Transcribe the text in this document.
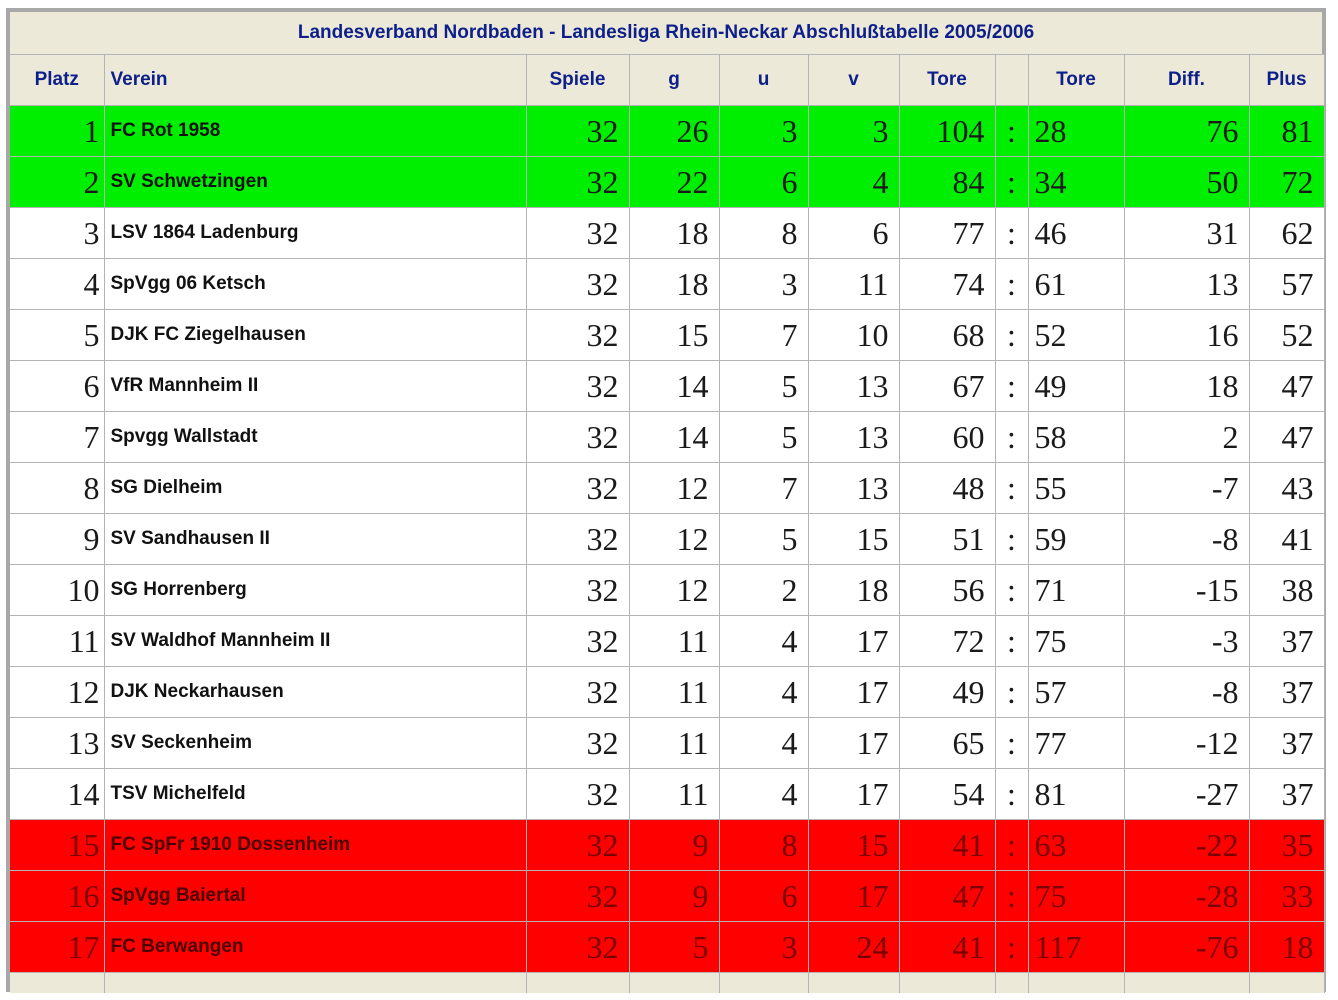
Landesverband Nordbaden - Landesliga Rhein-Neckar Abschlußtabelle 2005/2006
Platz	Verein	Spiele	g	u	v	Tore		Tore	Diff.	Plus
1	FC Rot 1958	32	26	3	3	104	:	28	76	81
2	SV Schwetzingen	32	22	6	4	84	:	34	50	72
3	LSV 1864 Ladenburg	32	18	8	6	77	:	46	31	62
4	SpVgg 06 Ketsch	32	18	3	11	74	:	61	13	57
5	DJK FC Ziegelhausen	32	15	7	10	68	:	52	16	52
6	VfR Mannheim II	32	14	5	13	67	:	49	18	47
7	Spvgg Wallstadt	32	14	5	13	60	:	58	2	47
8	SG Dielheim	32	12	7	13	48	:	55	-7	43
9	SV Sandhausen II	32	12	5	15	51	:	59	-8	41
10	SG Horrenberg	32	12	2	18	56	:	71	-15	38
11	SV Waldhof Mannheim II	32	11	4	17	72	:	75	-3	37
12	DJK Neckarhausen	32	11	4	17	49	:	57	-8	37
13	SV Seckenheim	32	11	4	17	65	:	77	-12	37
14	TSV Michelfeld	32	11	4	17	54	:	81	-27	37
15	FC SpFr 1910 Dossenheim	32	9	8	15	41	:	63	-22	35
16	SpVgg Baiertal	32	9	6	17	47	:	75	-28	33
17	FC Berwangen	32	5	3	24	41	:	117	-76	18
